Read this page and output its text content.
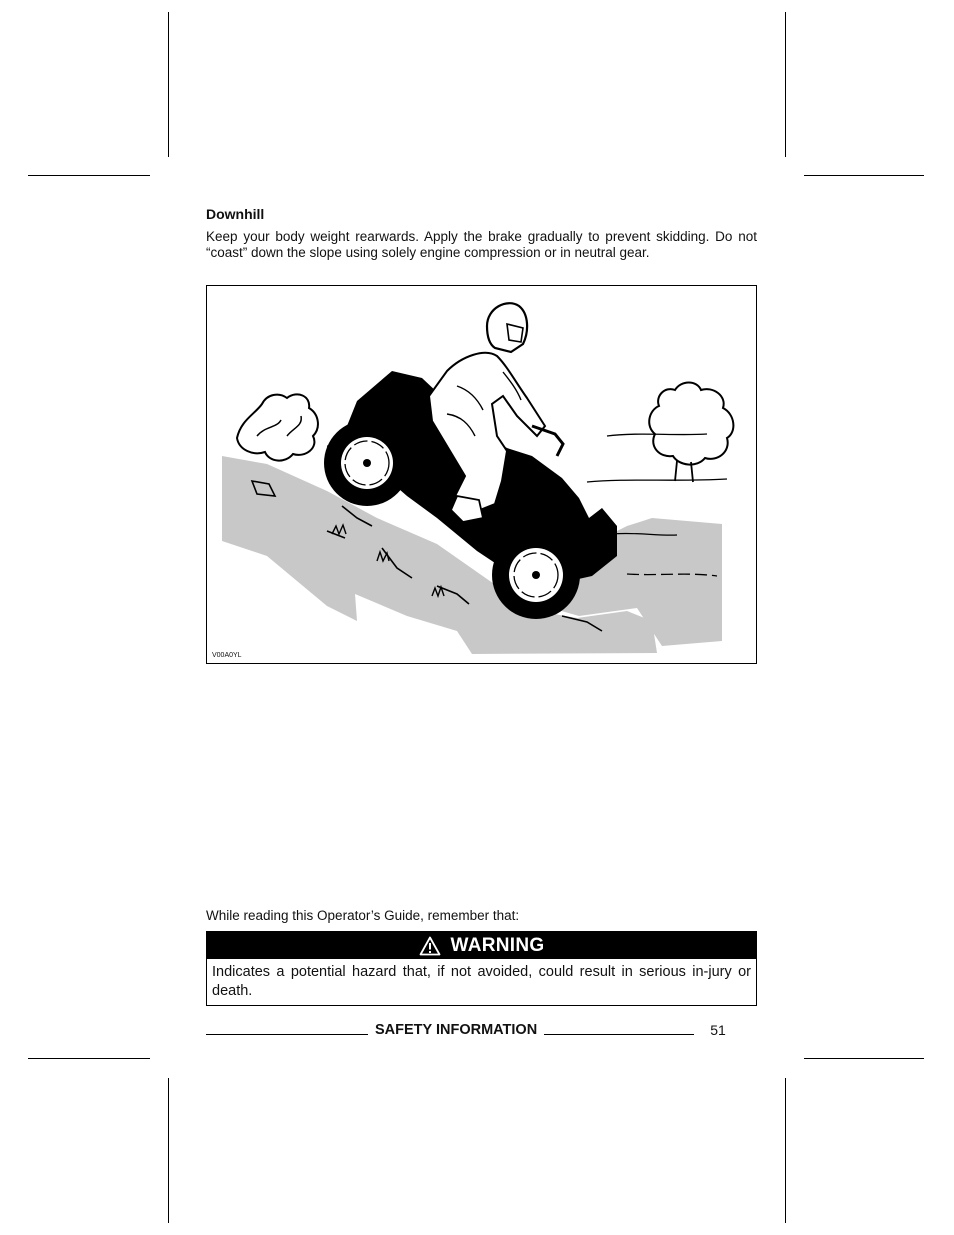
Downhill

Keep your body weight rearwards. Apply the brake gradually to prevent skidding. Do not “coast” down the slope using solely engine compression or in neutral gear.

V00A0YL

While reading this Operator’s Guide, remember that:

WARNING

Indicates a potential hazard that, if not avoided, could result in serious in-jury or death.

SAFETY INFORMATION	51
